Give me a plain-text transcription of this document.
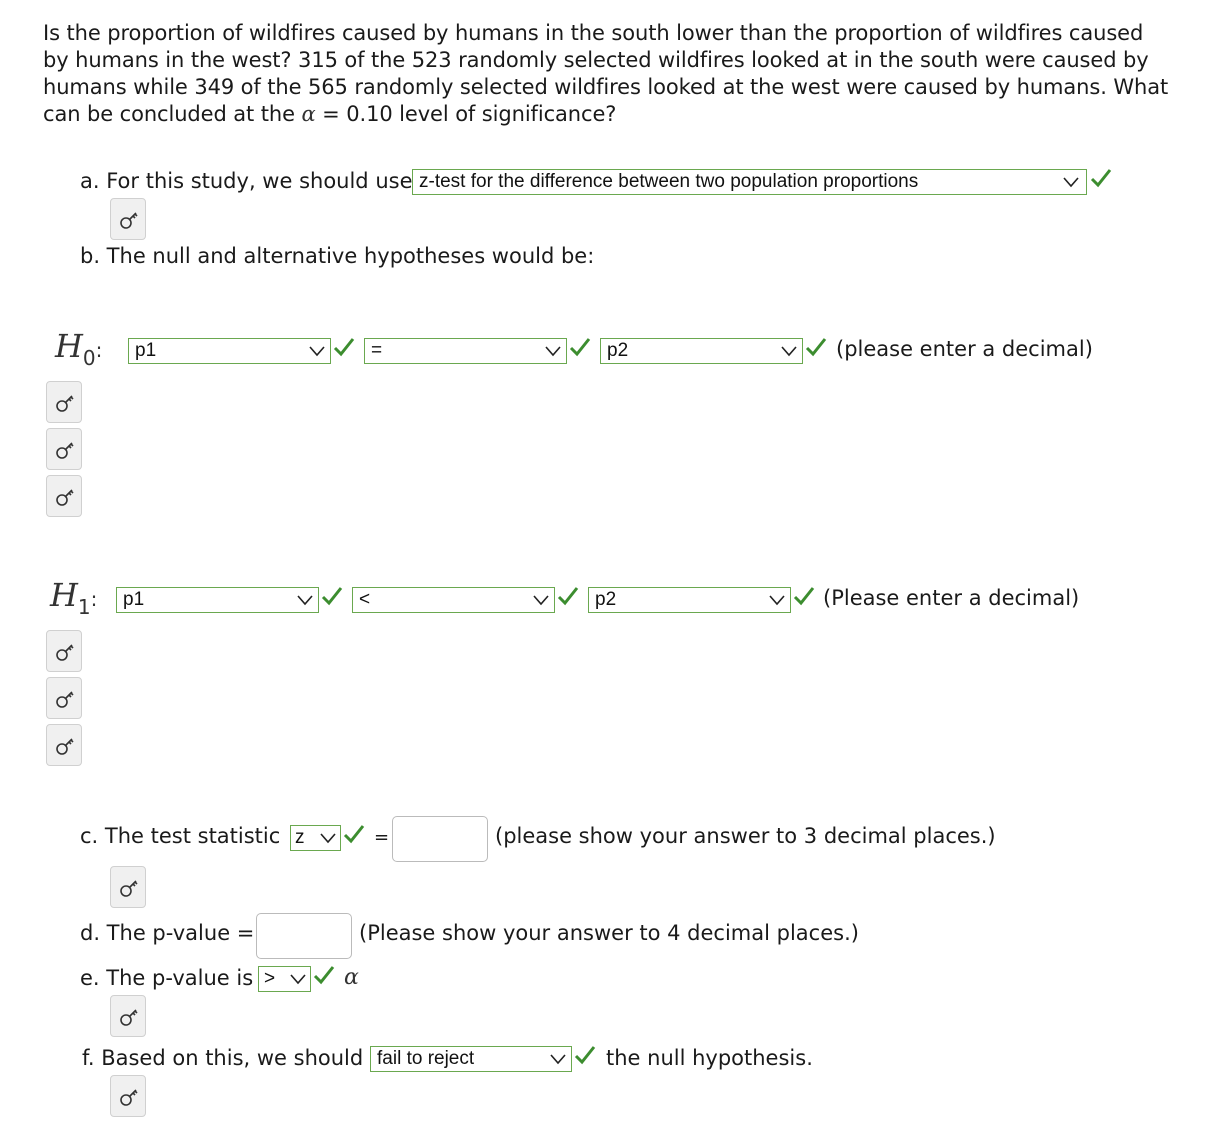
Is the proportion of wildfires caused by humans in the south lower than the proportion of wildfires caused by humans in the west? 315 of the 523 randomly selected wildfires looked at in the south were caused by humans while 349 of the 565 randomly selected wildfires looked at the west were caused by humans. What can be concluded at the α = 0.10 level of significance?
a. For this study, we should use z-test for the difference between two population proportions
b. The null and alternative hypotheses would be:
$H_0$:	p1	=	p2	(please enter a decimal)
$H_1$:	p1	<	p2	(Please enter a decimal)
c. The test statistic z	=	(please show your answer to 3 decimal places.)
d. The p-value =	(Please show your answer to 4 decimal places.)
e. The p-value is >	α
f. Based on this, we should fail to reject	the null hypothesis.
